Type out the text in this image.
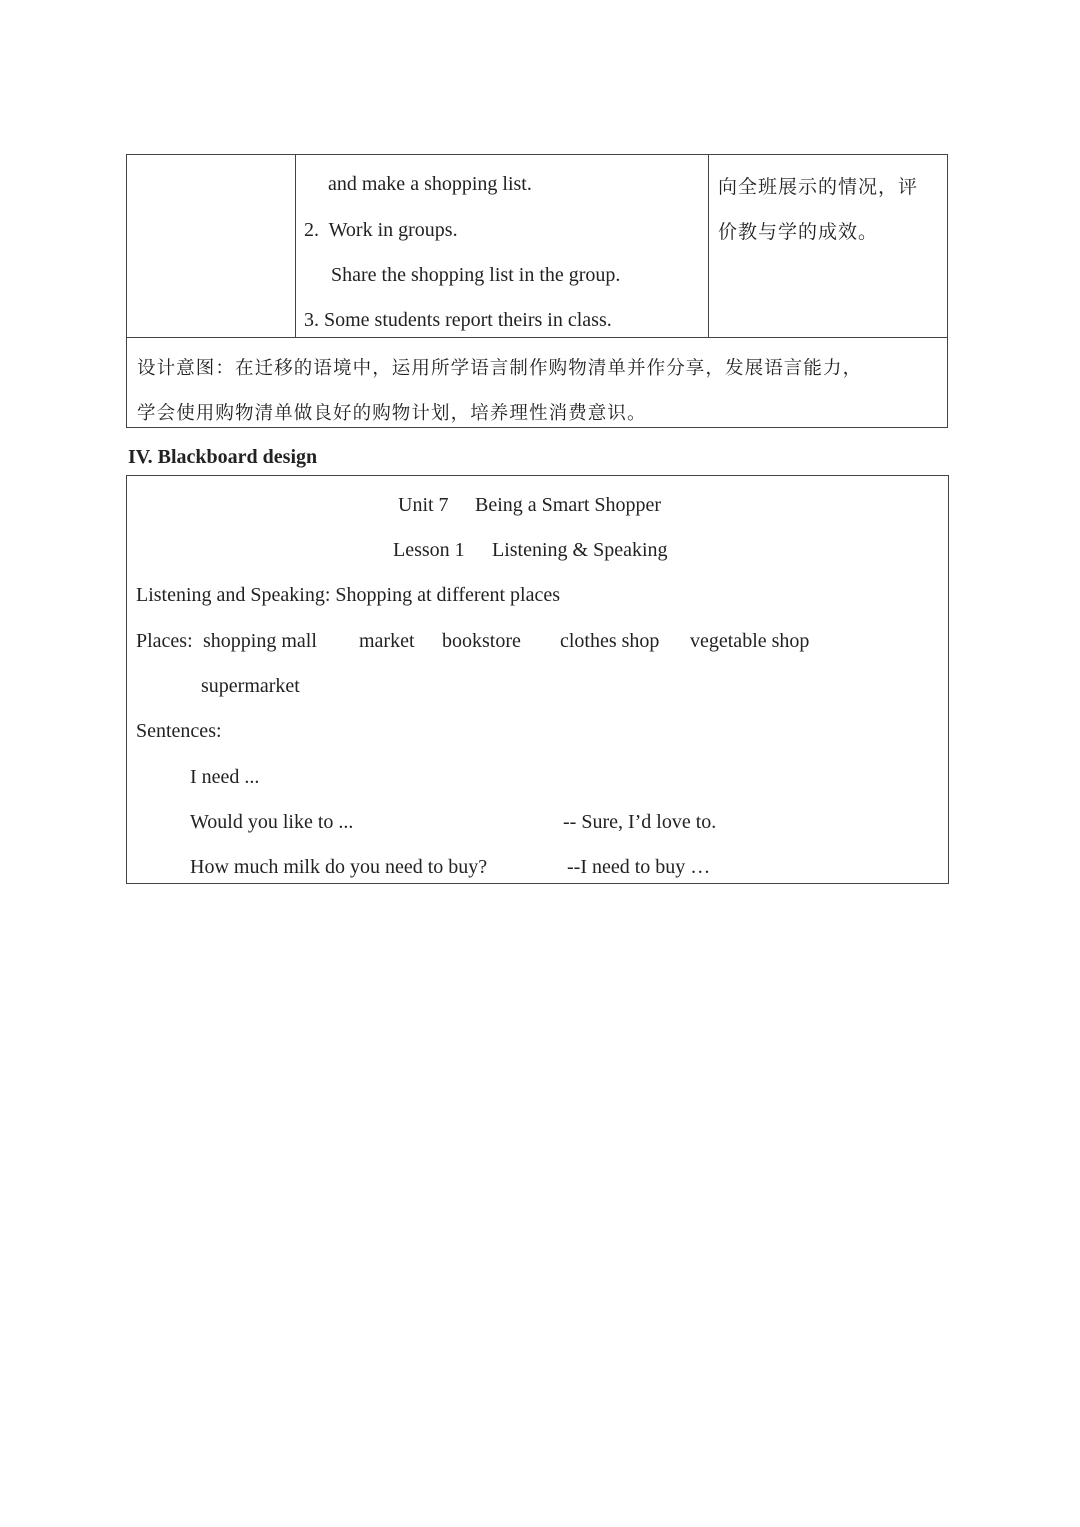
and make a shopping list.
2.  Work in groups.
Share the shopping list in the group.
3. Some students report theirs in class.
向全班展示的情况，评
价教与学的成效。
设计意图：在迁移的语境中，运用所学语言制作购物清单并作分享，发展语言能力，
学会使用购物清单做良好的购物计划，培养理性消费意识。
IV. Blackboard design
Unit 7 Being a Smart Shopper
Lesson 1 Listening & Speaking
Listening and Speaking: Shopping at different places
Places: shopping mall market bookstore clothes shop vegetable shop
supermarket
Sentences:
I need ...
Would you like to ...	-- Sure, I’d love to.
How much milk do you need to buy?	--I need to buy …
